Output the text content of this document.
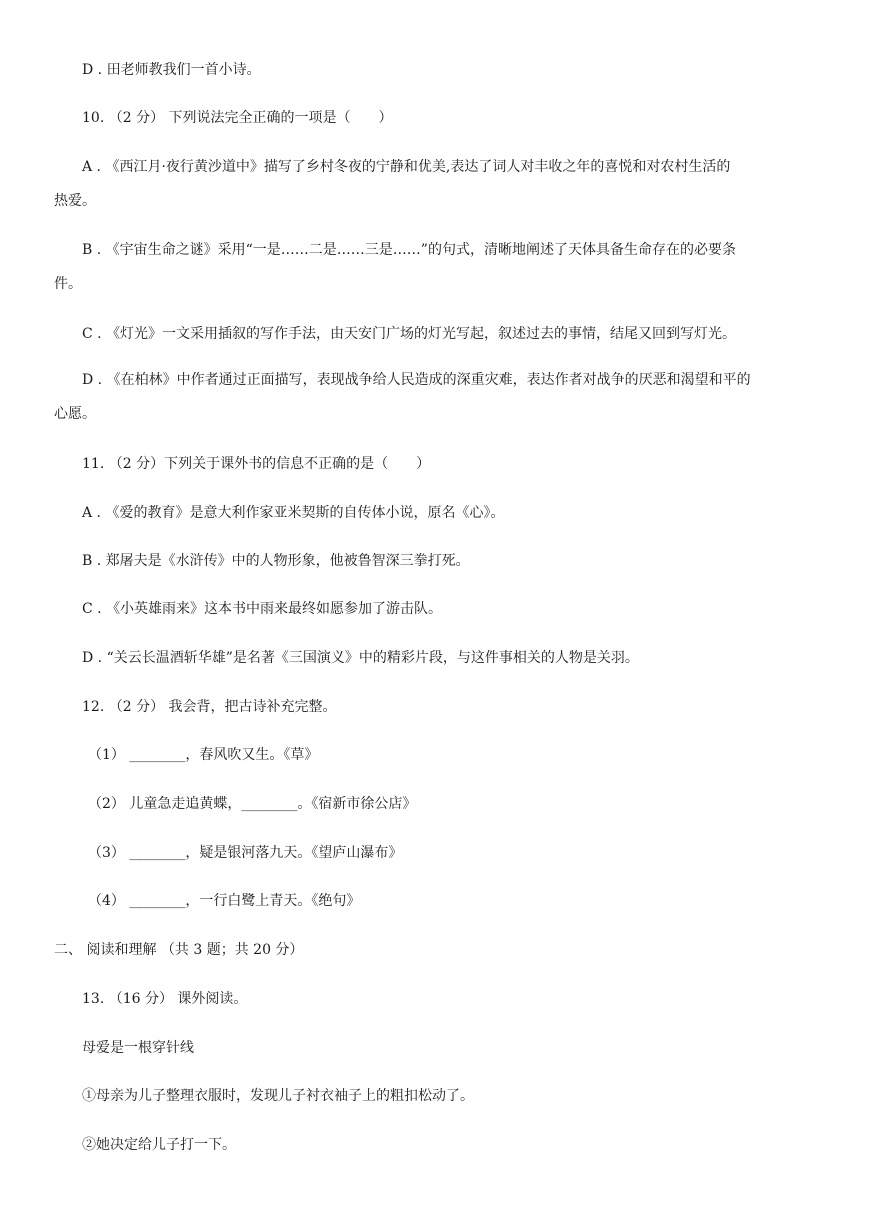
D . 田老师教我们一首小诗。
10. （2 分） 下列说法完全正确的一项是（　　）
A . 《西江月·夜行黄沙道中》描写了乡村冬夜的宁静和优美,表达了词人对丰收之年的喜悦和对农村生活的
热爱。
B . 《宇宙生命之谜》采用“一是……二是……三是……”的句式，清晰地阐述了天体具备生命存在的必要条
件。
C . 《灯光》一文采用插叙的写作手法，由天安门广场的灯光写起，叙述过去的事情，结尾又回到写灯光。
D . 《在柏林》中作者通过正面描写，表现战争给人民造成的深重灾难，表达作者对战争的厌恶和渴望和平的
心愿。
11. （2 分）下列关于课外书的信息不正确的是（　　）
A . 《爱的教育》是意大利作家亚米契斯的自传体小说，原名《心》。
B . 郑屠夫是《水浒传》中的人物形象，他被鲁智深三拳打死。
C . 《小英雄雨来》这本书中雨来最终如愿参加了游击队。
D . “关云长温酒斩华雄”是名著《三国演义》中的精彩片段，与这件事相关的人物是关羽。
12. （2 分） 我会背，把古诗补充完整。
（1） ________，春风吹又生。《草》
（2） 儿童急走追黄蝶，________。《宿新市徐公店》
（3） ________，疑是银河落九天。《望庐山瀑布》
（4） ________，一行白鹭上青天。《绝句》
二、 阅读和理解 （共 3 题；共 20 分）
13. （16 分） 课外阅读。
母爱是一根穿针线
①母亲为儿子整理衣服时，发现儿子衬衣袖子上的粗扣松动了。
②她决定给儿子打一下。
